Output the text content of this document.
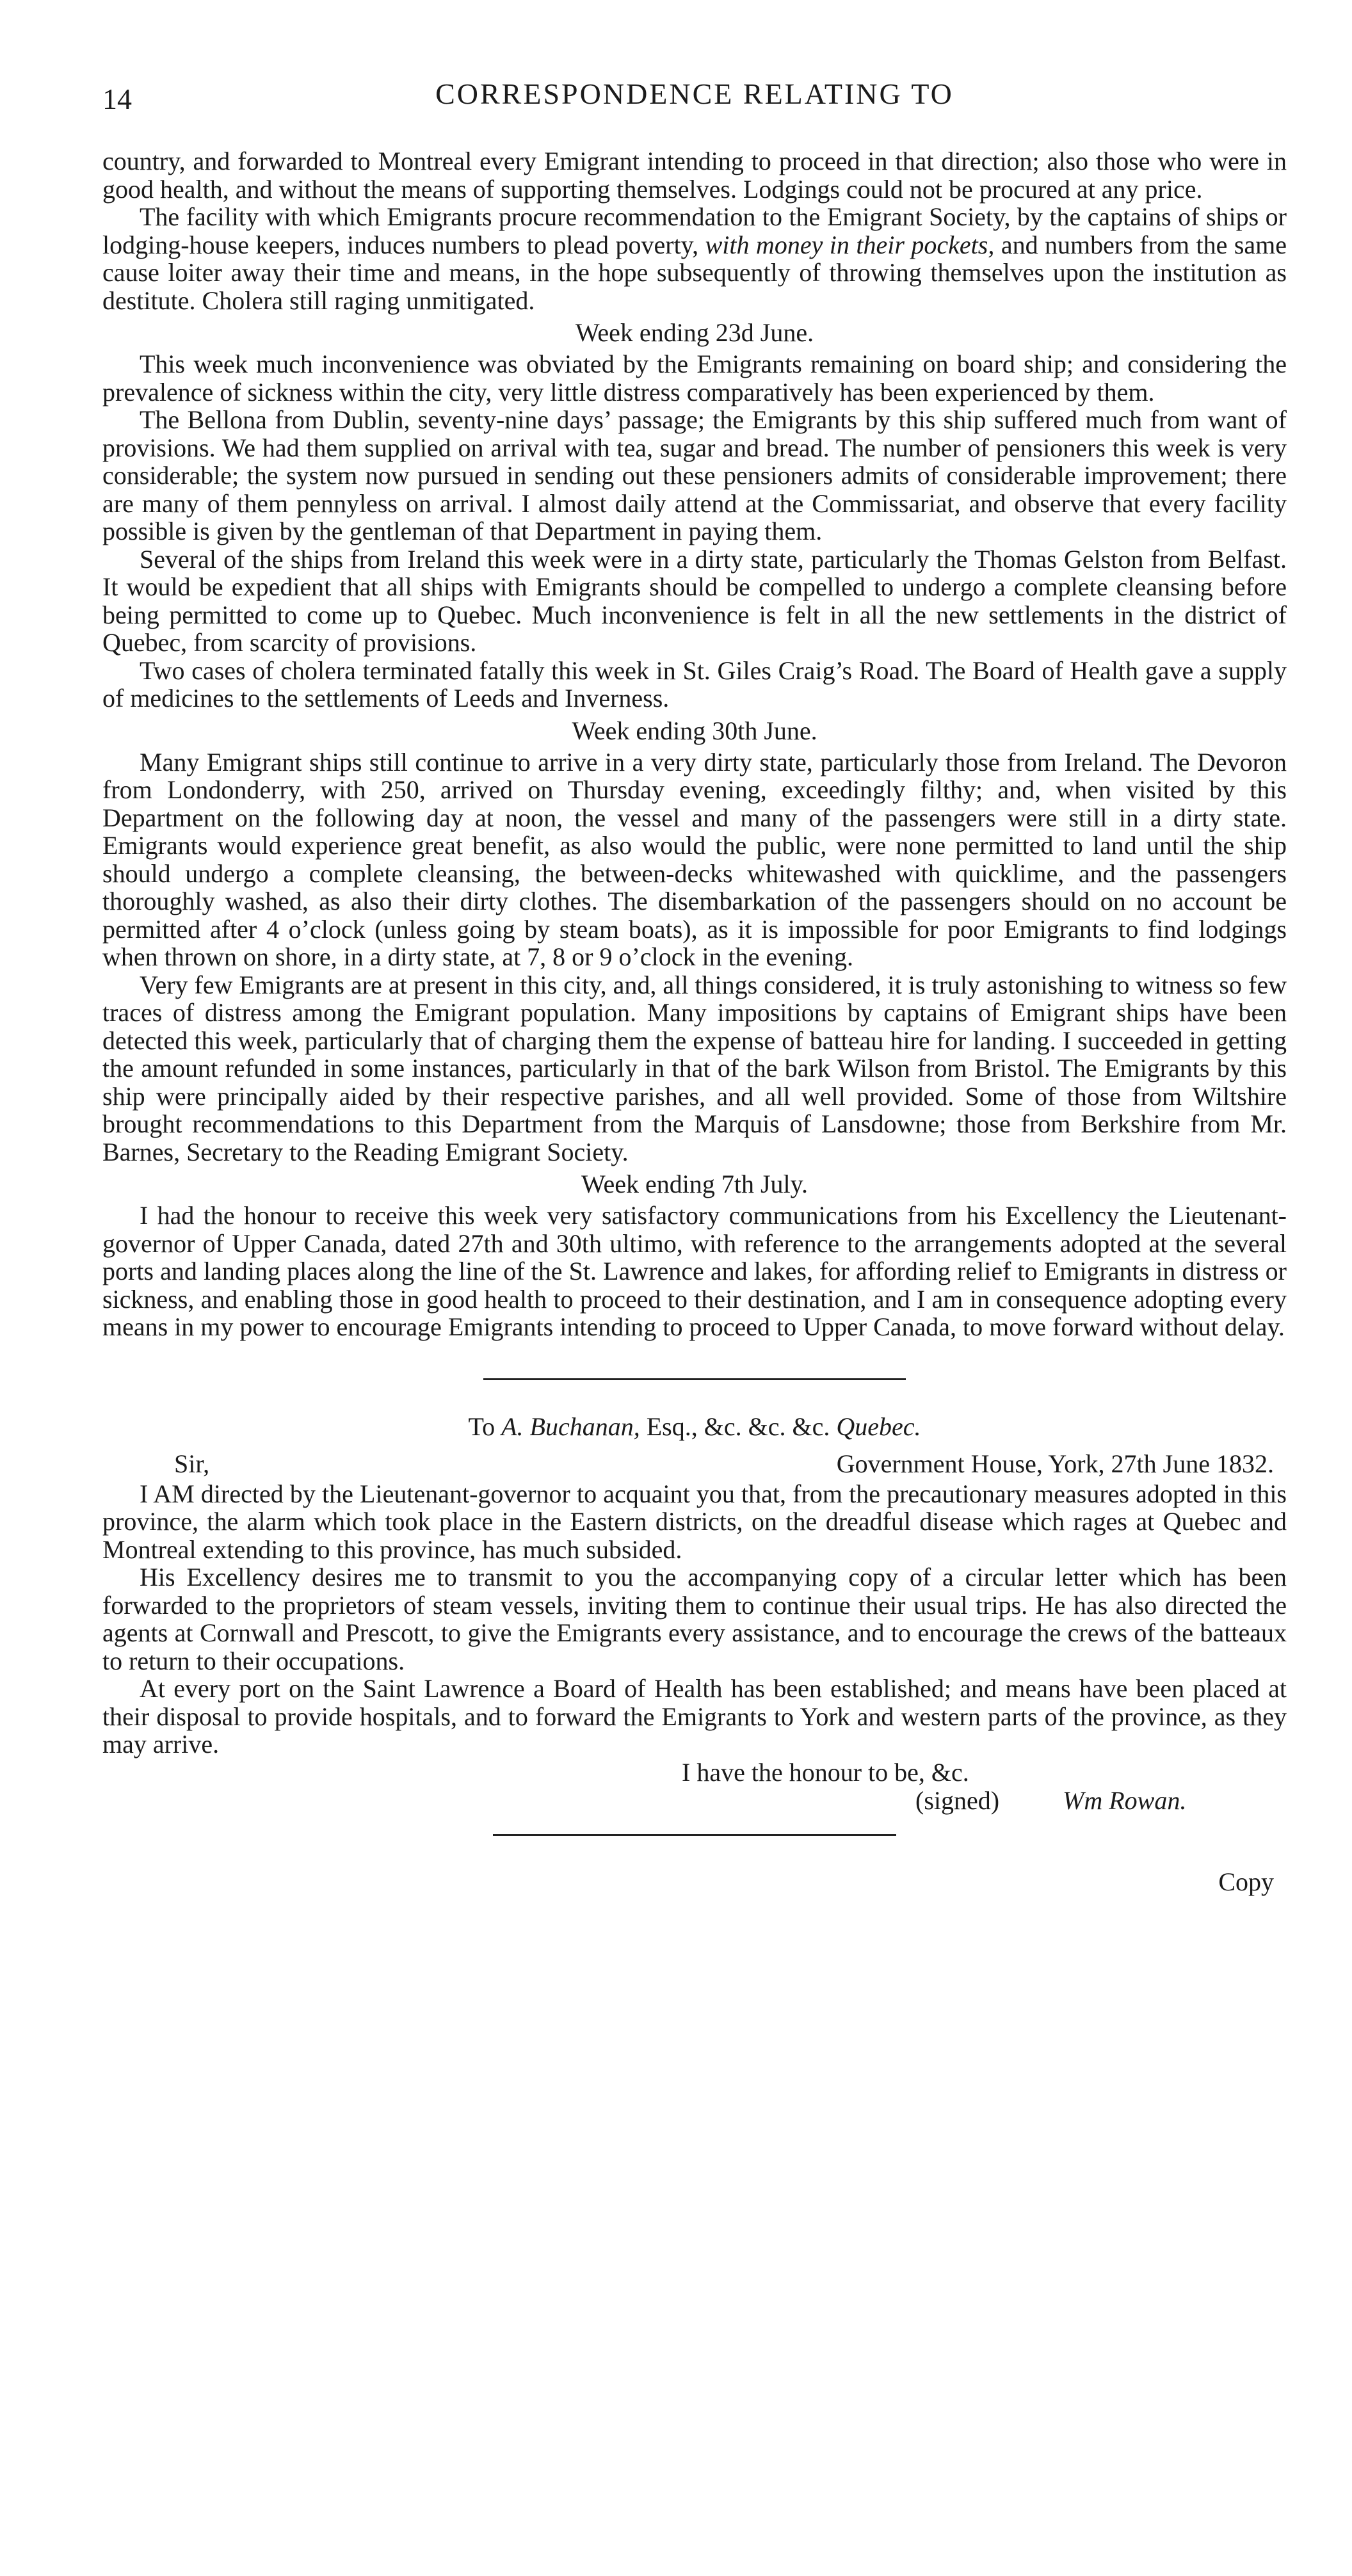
14	CORRESPONDENCE RELATING TO

country, and forwarded to Montreal every Emigrant intending to proceed in that direction; also those who were in good health, and without the means of supporting themselves. Lodgings could not be procured at any price.

The facility with which Emigrants procure recommendation to the Emigrant Society, by the captains of ships or lodging-house keepers, induces numbers to plead poverty, with money in their pockets, and numbers from the same cause loiter away their time and means, in the hope subsequently of throwing themselves upon the institution as destitute. Cholera still raging unmitigated.

Week ending 23d June.

This week much inconvenience was obviated by the Emigrants remaining on board ship; and considering the prevalence of sickness within the city, very little distress comparatively has been experienced by them.

The Bellona from Dublin, seventy-nine days’ passage; the Emigrants by this ship suffered much from want of provisions. We had them supplied on arrival with tea, sugar and bread. The number of pensioners this week is very considerable; the system now pursued in sending out these pensioners admits of considerable improvement; there are many of them pennyless on arrival. I almost daily attend at the Commissariat, and observe that every facility possible is given by the gentleman of that Department in paying them.

Several of the ships from Ireland this week were in a dirty state, particularly the Thomas Gelston from Belfast. It would be expedient that all ships with Emigrants should be compelled to undergo a complete cleansing before being permitted to come up to Quebec. Much inconvenience is felt in all the new settlements in the district of Quebec, from scarcity of provisions.

Two cases of cholera terminated fatally this week in St. Giles Craig’s Road. The Board of Health gave a supply of medicines to the settlements of Leeds and Inverness.

Week ending 30th June.

Many Emigrant ships still continue to arrive in a very dirty state, particularly those from Ireland. The Devoron from Londonderry, with 250, arrived on Thursday evening, exceedingly filthy; and, when visited by this Department on the following day at noon, the vessel and many of the passengers were still in a dirty state. Emigrants would experience great benefit, as also would the public, were none permitted to land until the ship should undergo a complete cleansing, the between-decks whitewashed with quicklime, and the passengers thoroughly washed, as also their dirty clothes. The disembarkation of the passengers should on no account be permitted after 4 o’clock (unless going by steam boats), as it is impossible for poor Emigrants to find lodgings when thrown on shore, in a dirty state, at 7, 8 or 9 o’clock in the evening.

Very few Emigrants are at present in this city, and, all things considered, it is truly astonishing to witness so few traces of distress among the Emigrant population. Many impositions by captains of Emigrant ships have been detected this week, particularly that of charging them the expense of batteau hire for landing. I succeeded in getting the amount refunded in some instances, particularly in that of the bark Wilson from Bristol. The Emigrants by this ship were principally aided by their respective parishes, and all well provided. Some of those from Wiltshire brought recommendations to this Department from the Marquis of Lansdowne; those from Berkshire from Mr. Barnes, Secretary to the Reading Emigrant Society.

Week ending 7th July.

I had the honour to receive this week very satisfactory communications from his Excellency the Lieutenant-governor of Upper Canada, dated 27th and 30th ultimo, with reference to the arrangements adopted at the several ports and landing places along the line of the St. Lawrence and lakes, for affording relief to Emigrants in distress or sickness, and enabling those in good health to proceed to their destination, and I am in consequence adopting every means in my power to encourage Emigrants intending to proceed to Upper Canada, to move forward without delay.

To A. Buchanan, Esq., &c. &c. &c. Quebec.
Sir,	Government House, York, 27th June 1832.

I AM directed by the Lieutenant-governor to acquaint you that, from the precautionary measures adopted in this province, the alarm which took place in the Eastern districts, on the dreadful disease which rages at Quebec and Montreal extending to this province, has much subsided.

His Excellency desires me to transmit to you the accompanying copy of a circular letter which has been forwarded to the proprietors of steam vessels, inviting them to continue their usual trips. He has also directed the agents at Cornwall and Prescott, to give the Emigrants every assistance, and to encourage the crews of the batteaux to return to their occupations.

At every port on the Saint Lawrence a Board of Health has been established; and means have been placed at their disposal to provide hospitals, and to forward the Emigrants to York and western parts of the province, as they may arrive.

I have the honour to be, &c.
(signed) Wm Rowan.
Copy
